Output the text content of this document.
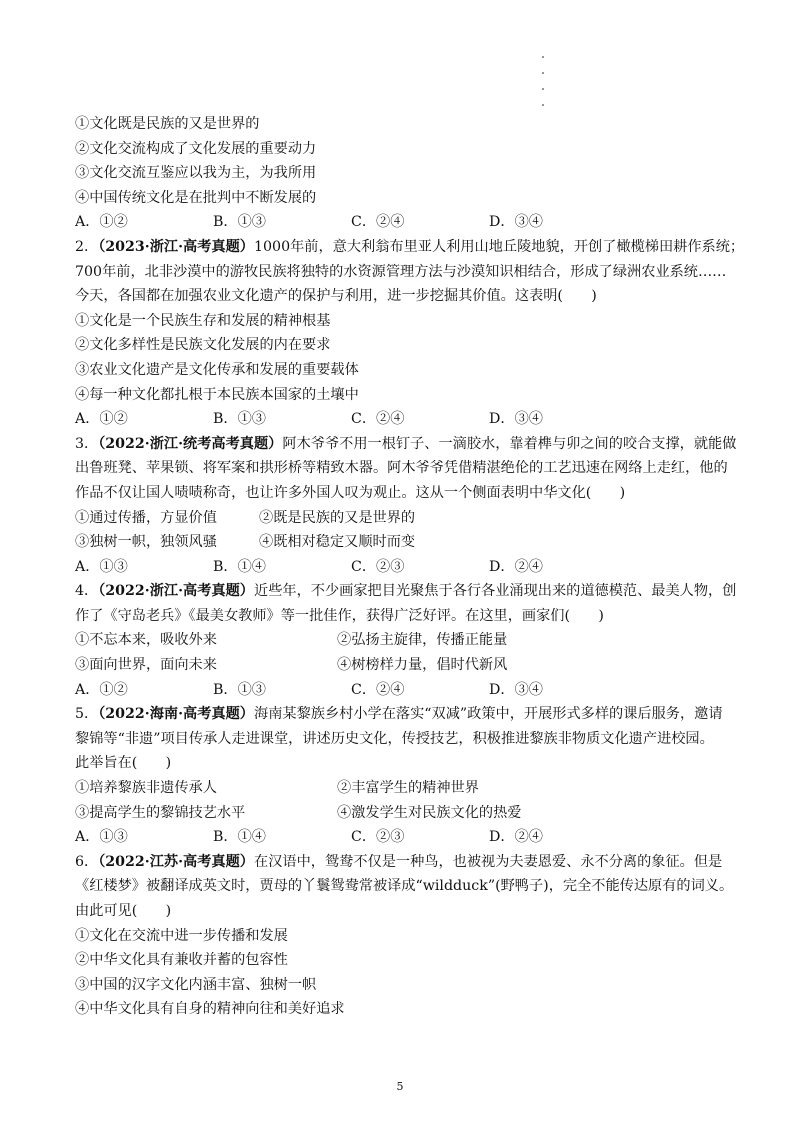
①文化既是民族的又是世界的
②文化交流构成了文化发展的重要动力
③文化交流互鉴应以我为主，为我所用
④中国传统文化是在批判中不断发展的
A．①②	B．①③	C．②④	D．③④
2．（2023·浙江·高考真题）1000年前，意大利翁布里亚人利用山地丘陵地貌，开创了橄榄梯田耕作系统；
700年前，北非沙漠中的游牧民族将独特的水资源管理方法与沙漠知识相结合，形成了绿洲农业系统……
今天，各国都在加强农业文化遗产的保护与利用，进一步挖掘其价值。这表明(　　)
①文化是一个民族生存和发展的精神根基
②文化多样性是民族文化发展的内在要求
③农业文化遗产是文化传承和发展的重要载体
④每一种文化都扎根于本民族本国家的土壤中
A．①②	B．①③	C．②④	D．③④
3．（2022·浙江·统考高考真题）阿木爷爷不用一根钉子、一滴胶水，靠着榫与卯之间的咬合支撑，就能做
出鲁班凳、苹果锁、将军案和拱形桥等精致木器。阿木爷爷凭借精湛绝伦的工艺迅速在网络上走红，他的
作品不仅让国人啧啧称奇，也让许多外国人叹为观止。这从一个侧面表明中华文化(　　)
①通过传播，方显价值	②既是民族的又是世界的
③独树一帜，独领风骚	④既相对稳定又顺时而变
A．①③	B．①④	C．②③	D．②④
4．（2022·浙江·高考真题）近些年，不少画家把目光聚焦于各行各业涌现出来的道德模范、最美人物，创
作了《守岛老兵》《最美女教师》等一批佳作，获得广泛好评。在这里，画家们(　　)
①不忘本来，吸收外来	②弘扬主旋律，传播正能量
③面向世界，面向未来	④树榜样力量，倡时代新风
A．①②	B．①③	C．②④	D．③④
5．（2022·海南·高考真题）海南某黎族乡村小学在落实“双减”政策中，开展形式多样的课后服务，邀请
黎锦等“非遗”项目传承人走进课堂，讲述历史文化，传授技艺，积极推进黎族非物质文化遗产进校园。
此举旨在(　　)
①培养黎族非遗传承人	②丰富学生的精神世界
③提高学生的黎锦技艺水平	④激发学生对民族文化的热爱
A．①③	B．①④	C．②③	D．②④
6．（2022·江苏·高考真题）在汉语中，鸳鸯不仅是一种鸟，也被视为夫妻恩爱、永不分离的象征。但是
《红楼梦》被翻译成英文时，贾母的丫鬟鸳鸯常被译成“wildduck”(野鸭子)，完全不能传达原有的词义。
由此可见(　　)
①文化在交流中进一步传播和发展
②中华文化具有兼收并蓄的包容性
③中国的汉字文化内涵丰富、独树一帜
④中华文化具有自身的精神向往和美好追求
5
